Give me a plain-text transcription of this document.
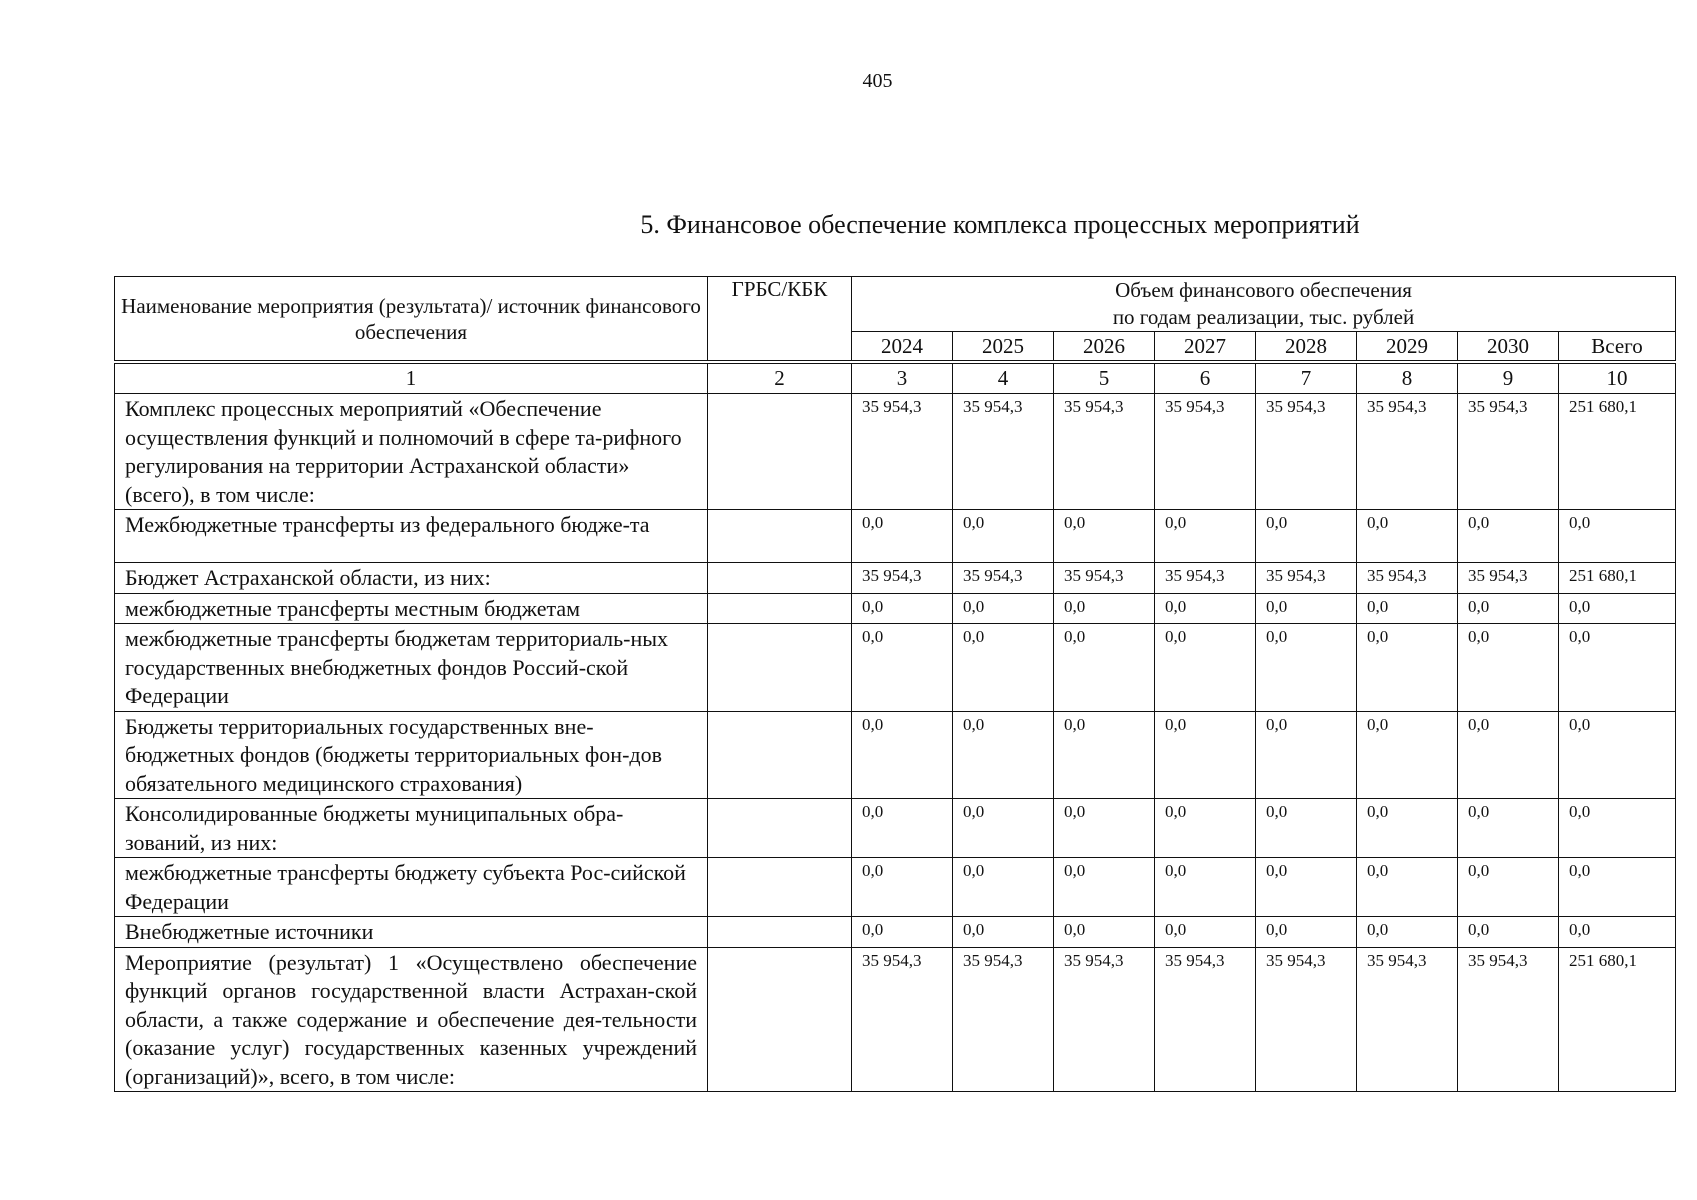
405
5. Финансовое обеспечение комплекса процессных мероприятий
Наименование мероприятия (результата)/ источник финансового обеспечения	ГРБС/КБК	Объем финансового обеспечения
по годам реализации, тыс. рублей							

		2024	2025	2026	2027	2028	2029	2030	Всего
1	2	3	4	5	6	7	8	9	10
Комплекс процессных мероприятий «Обеспечение осуществления функций и полномочий в сфере та-рифного регулирования на территории Астраханской области» (всего), в том числе:		35 954,3	35 954,3	35 954,3	35 954,3	35 954,3	35 954,3	35 954,3	251 680,1
Межбюджетные трансферты из федерального бюдже-та		0,0	0,0	0,0	0,0	0,0	0,0	0,0	0,0
Бюджет Астраханской области, из них:		35 954,3	35 954,3	35 954,3	35 954,3	35 954,3	35 954,3	35 954,3	251 680,1
межбюджетные трансферты местным бюджетам		0,0	0,0	0,0	0,0	0,0	0,0	0,0	0,0
межбюджетные трансферты бюджетам территориаль-ных государственных внебюджетных фондов Россий-ской Федерации		0,0	0,0	0,0	0,0	0,0	0,0	0,0	0,0
Бюджеты территориальных государственных вне-бюджетных фондов (бюджеты территориальных фон-дов обязательного медицинского страхования)		0,0	0,0	0,0	0,0	0,0	0,0	0,0	0,0
Консолидированные бюджеты муниципальных обра-зований, из них:		0,0	0,0	0,0	0,0	0,0	0,0	0,0	0,0
межбюджетные трансферты бюджету субъекта Рос-сийской Федерации		0,0	0,0	0,0	0,0	0,0	0,0	0,0	0,0
Внебюджетные источники		0,0	0,0	0,0	0,0	0,0	0,0	0,0	0,0
Мероприятие (результат) 1 «Осуществлено обеспечение функций органов государственной власти Астрахан-ской области, а также содержание и обеспечение дея-тельности (оказание услуг) государственных казенных учреждений (организаций)», всего, в том числе:		35 954,3	35 954,3	35 954,3	35 954,3	35 954,3	35 954,3	35 954,3	251 680,1
